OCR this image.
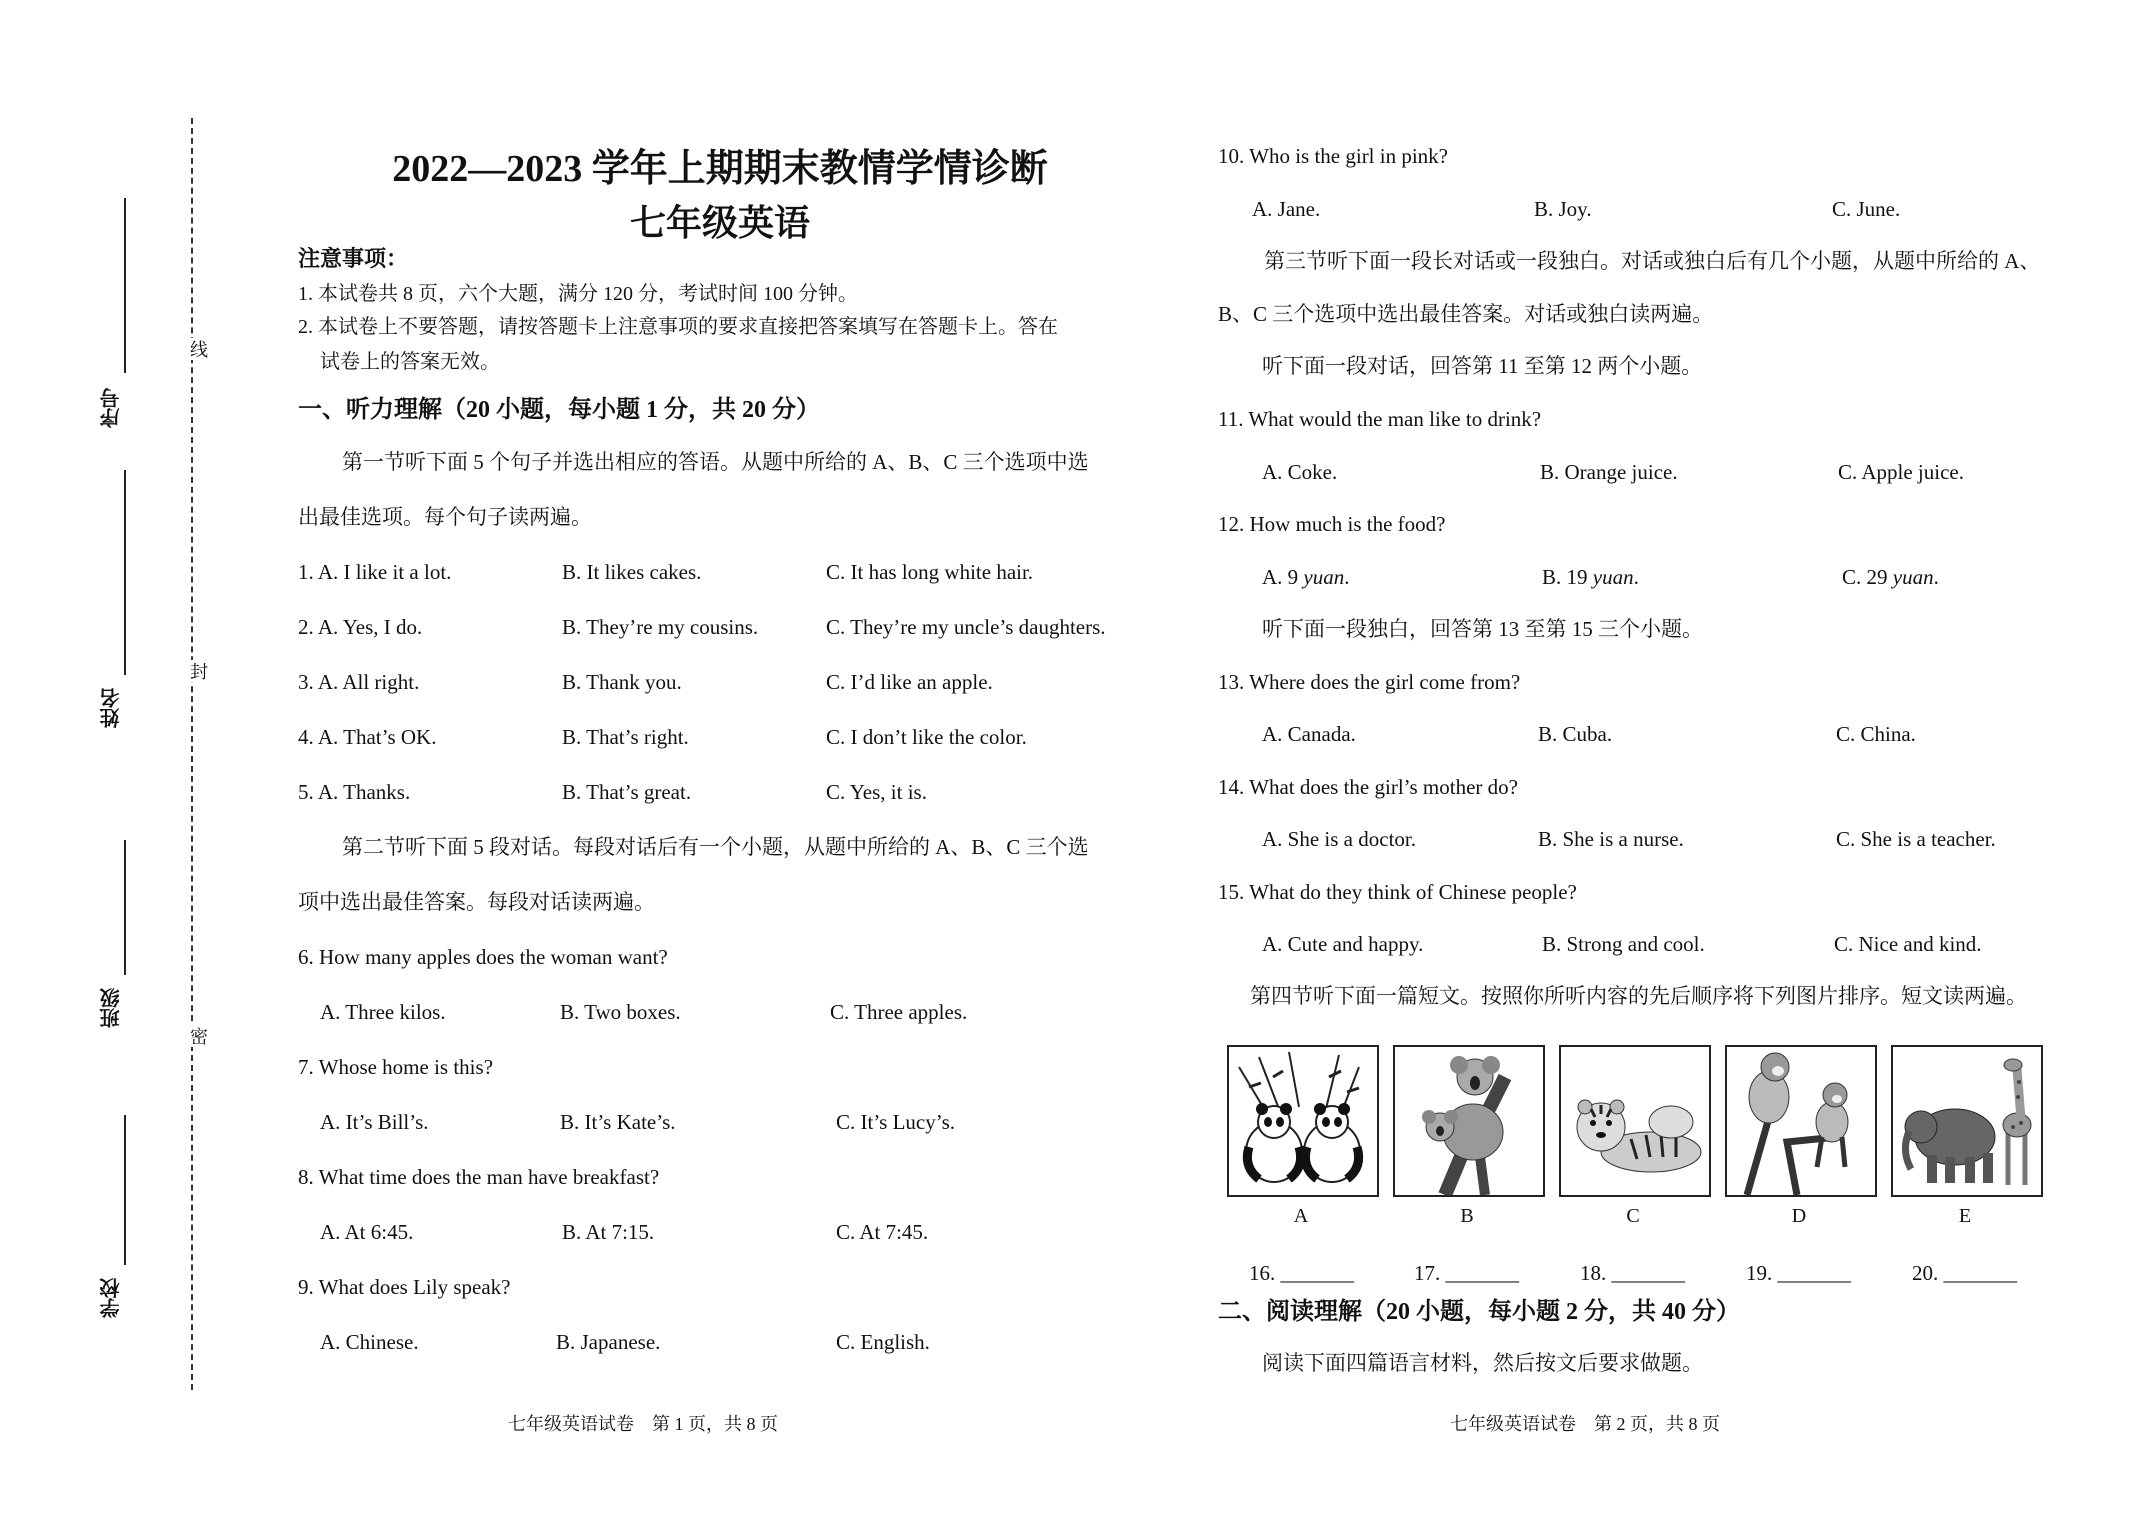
线
封
密
序号
姓名
班级
学校
2022—2023 学年上期期末教情学情诊断
七年级英语
注意事项：
1. 本试卷共 8 页，六个大题，满分 120 分，考试时间 100 分钟。
2. 本试卷上不要答题，请按答题卡上注意事项的要求直接把答案填写在答题卡上。答在
试卷上的答案无效。
一、听力理解（20 小题，每小题 1 分，共 20 分）
第一节听下面 5 个句子并选出相应的答语。从题中所给的 A、B、C 三个选项中选
出最佳选项。每个句子读两遍。
1. A. I like it a lot.	B. It likes cakes.	C. It has long white hair.
2. A. Yes, I do.	B. They’re my cousins.	C. They’re my uncle’s daughters.
3. A. All right.	B. Thank you.	C. I’d like an apple.
4. A. That’s OK.	B. That’s right.	C. I don’t like the color.
5. A. Thanks.	B. That’s great.	C. Yes, it is.
第二节听下面 5 段对话。每段对话后有一个小题，从题中所给的 A、B、C 三个选
项中选出最佳答案。每段对话读两遍。
6. How many apples does the woman want?
A. Three kilos.	B. Two boxes.	C. Three apples.
7. Whose home is this?
A. It’s Bill’s.	B. It’s Kate’s.	C. It’s Lucy’s.
8. What time does the man have breakfast?
A. At 6:45.	B. At 7:15.	C. At 7:45.
9. What does Lily speak?
A. Chinese.	B. Japanese.	C. English.
七年级英语试卷　第 1 页，共 8 页
10. Who is the girl in pink?
A. Jane.	B. Joy.	C. June.
第三节听下面一段长对话或一段独白。对话或独白后有几个小题，从题中所给的 A、
B、C 三个选项中选出最佳答案。对话或独白读两遍。
听下面一段对话，回答第 11 至第 12 两个小题。
11. What would the man like to drink?
A. Coke.	B. Orange juice.	C. Apple juice.
12. How much is the food?
A. 9 yuan.	B. 19 yuan.	C. 29 yuan.
听下面一段独白，回答第 13 至第 15 三个小题。
13. Where does the girl come from?
A. Canada.	B. Cuba.	C. China.
14. What does the girl’s mother do?
A. She is a doctor.	B. She is a nurse.	C. She is a teacher.
15. What do they think of Chinese people?
A. Cute and happy.	B. Strong and cool.	C. Nice and kind.
第四节听下面一篇短文。按照你所听内容的先后顺序将下列图片排序。短文读两遍。
A	B	C	D	E
16. _______	17. _______	18. _______	19. _______	20. _______
二、阅读理解（20 小题，每小题 2 分，共 40 分）
阅读下面四篇语言材料，然后按文后要求做题。
七年级英语试卷　第 2 页，共 8 页
